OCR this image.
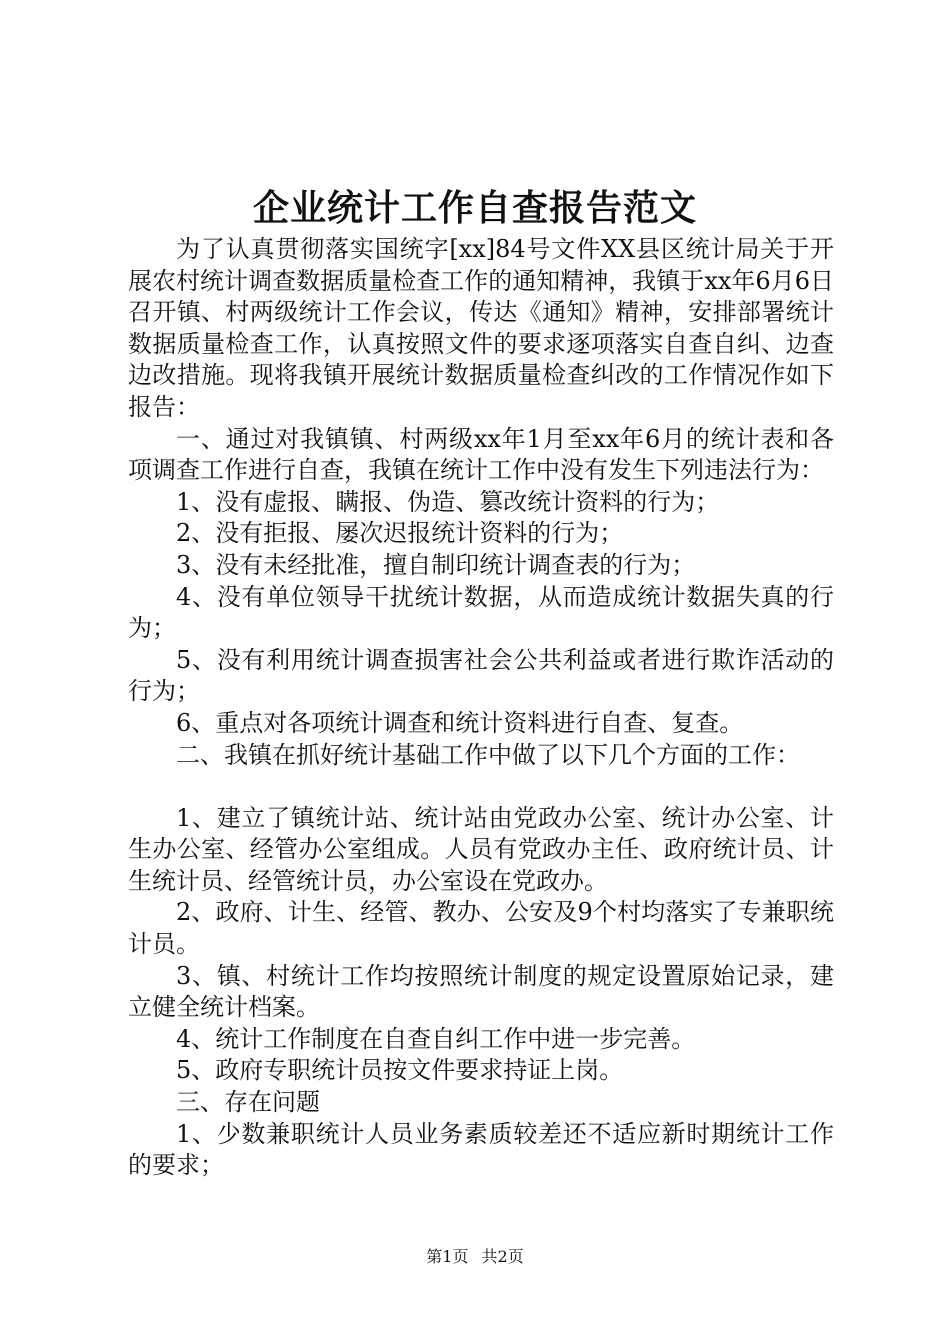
企业统计工作自查报告范文

为了认真贯彻落实国统字[xx]84号文件XX县区统计局关于开展农村统计调查数据质量检查工作的通知精神，我镇于xx年6月6日召开镇、村两级统计工作会议，传达《通知》精神，安排部署统计数据质量检查工作，认真按照文件的要求逐项落实自查自纠、边查边改措施。现将我镇开展统计数据质量检查纠改的工作情况作如下报告：

一、通过对我镇镇、村两级xx年1月至xx年6月的统计表和各项调查工作进行自查，我镇在统计工作中没有发生下列违法行为：

1、没有虚报、瞒报、伪造、篡改统计资料的行为；

2、没有拒报、屡次迟报统计资料的行为；

3、没有未经批准，擅自制印统计调查表的行为；

4、没有单位领导干扰统计数据，从而造成统计数据失真的行为；

5、没有利用统计调查损害社会公共利益或者进行欺诈活动的行为；

6、重点对各项统计调查和统计资料进行自查、复查。

二、我镇在抓好统计基础工作中做了以下几个方面的工作：

1、建立了镇统计站、统计站由党政办公室、统计办公室、计生办公室、经管办公室组成。人员有党政办主任、政府统计员、计生统计员、经管统计员，办公室设在党政办。

2、政府、计生、经管、教办、公安及9个村均落实了专兼职统计员。

3、镇、村统计工作均按照统计制度的规定设置原始记录，建立健全统计档案。

4、统计工作制度在自查自纠工作中进一步完善。

5、政府专职统计员按文件要求持证上岗。

三、存在问题

1、少数兼职统计人员业务素质较差还不适应新时期统计工作的要求；

第1页 共2页
